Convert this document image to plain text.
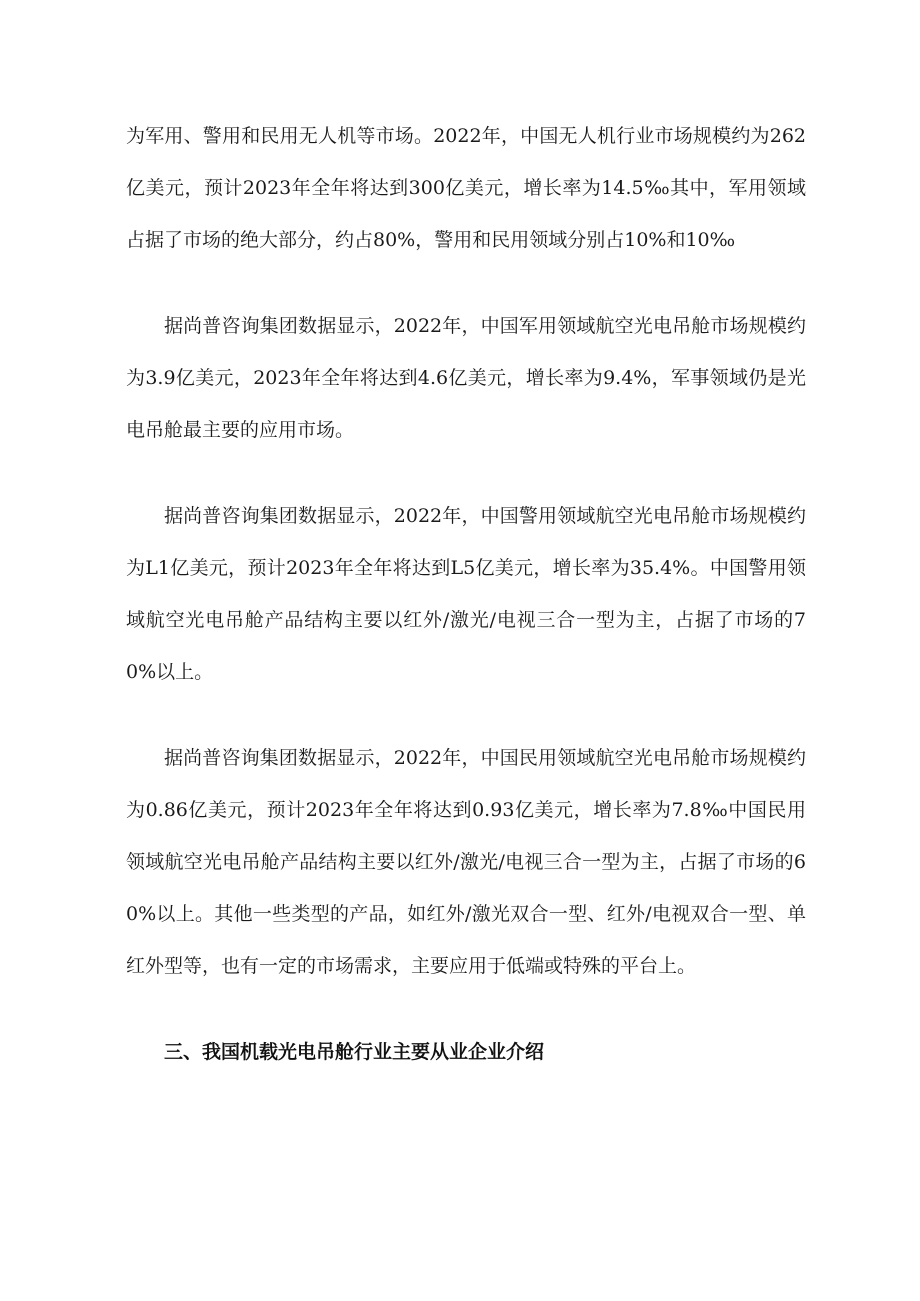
为军用、警用和民用无人机等市场。2022年，中国无人机行业市场规模约为262亿美元，预计2023年全年将达到300亿美元，增长率为14.5‰其中，军用领域占据了市场的绝大部分，约占80%，警用和民用领域分别占10%和10‰

据尚普咨询集团数据显示，2022年，中国军用领域航空光电吊舱市场规模约为3.9亿美元，2023年全年将达到4.6亿美元，增长率为9.4%，军事领域仍是光电吊舱最主要的应用市场。

据尚普咨询集团数据显示，2022年，中国警用领域航空光电吊舱市场规模约为L1亿美元，预计2023年全年将达到L5亿美元，增长率为35.4%。中国警用领域航空光电吊舱产品结构主要以红外/激光/电视三合一型为主，占据了市场的70%以上。

据尚普咨询集团数据显示，2022年，中国民用领域航空光电吊舱市场规模约为0.86亿美元，预计2023年全年将达到0.93亿美元，增长率为7.8‰中国民用领域航空光电吊舱产品结构主要以红外/激光/电视三合一型为主，占据了市场的60%以上。其他一些类型的产品，如红外/激光双合一型、红外/电视双合一型、单红外型等，也有一定的市场需求，主要应用于低端或特殊的平台上。

三、我国机载光电吊舱行业主要从业企业介绍
